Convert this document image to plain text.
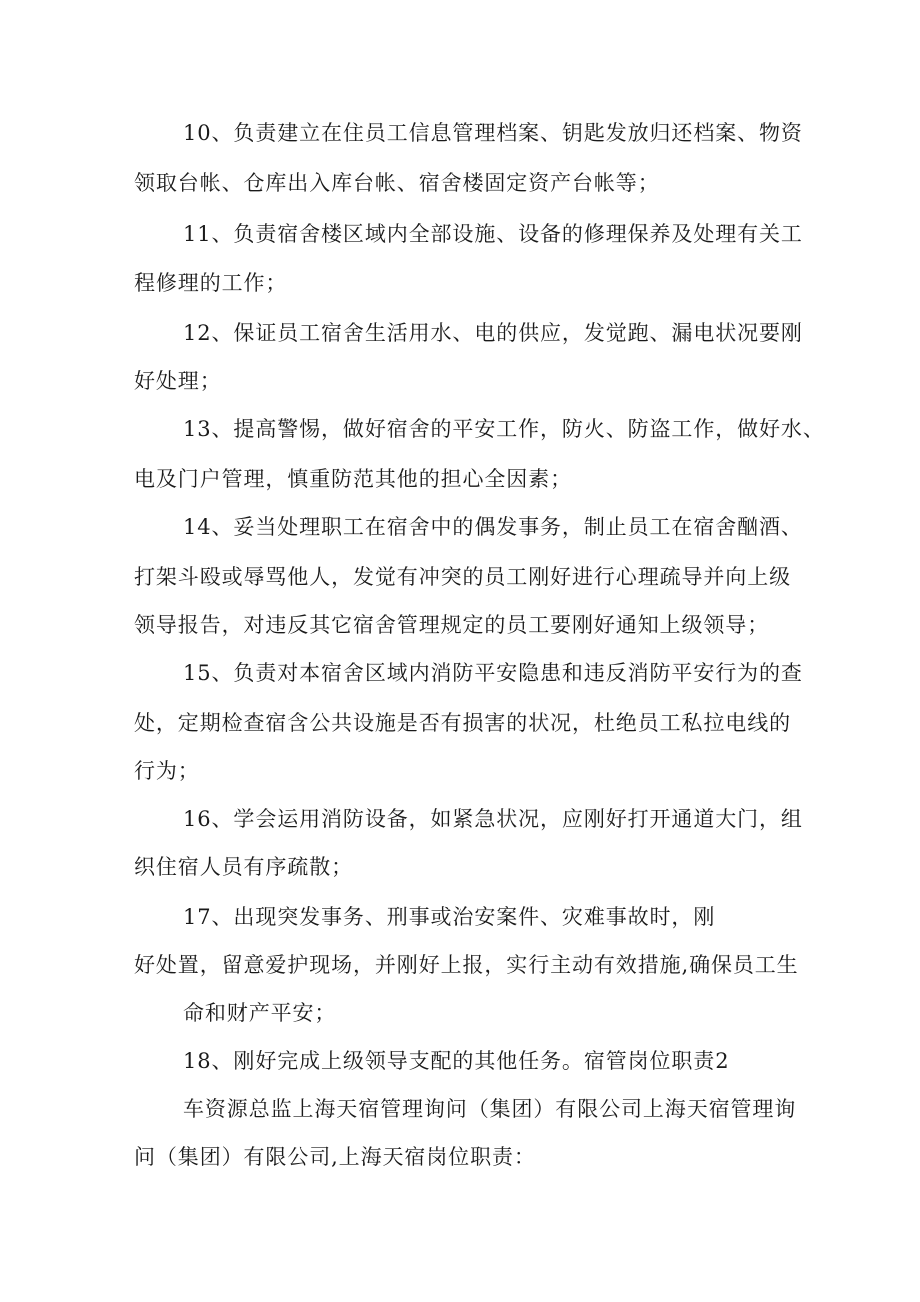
10、负责建立在住员工信息管理档案、钥匙发放归还档案、物资
领取台帐、仓库出入库台帐、宿舍楼固定资产台帐等；
11、负责宿舍楼区域内全部设施、设备的修理保养及处理有关工
程修理的工作；
12、保证员工宿舍生活用水、电的供应，发觉跑、漏电状况要刚
好处理；
13、提高警惕，做好宿舍的平安工作，防火、防盗工作，做好水、
电及门户管理，慎重防范其他的担心全因素；
14、妥当处理职工在宿舍中的偶发事务，制止员工在宿舍酗酒、
打架斗殴或辱骂他人，发觉有冲突的员工刚好进行心理疏导并向上级
领导报告，对违反其它宿舍管理规定的员工要刚好通知上级领导；
15、负责对本宿舍区域内消防平安隐患和违反消防平安行为的查
处，定期检查宿含公共设施是否有损害的状况，杜绝员工私拉电线的
行为；
16、学会运用消防设备，如紧急状况，应刚好打开通道大门，组
织住宿人员有序疏散；
17、出现突发事务、刑事或治安案件、灾难事故时，刚
好处置，留意爱护现场，并刚好上报，实行主动有效措施,确保员工生
命和财产平安；
18、刚好完成上级领导支配的其他任务。宿管岗位职责2
车资源总监上海天宿管理询问（集团）有限公司上海天宿管理询
问（集团）有限公司,上海天宿岗位职责：
